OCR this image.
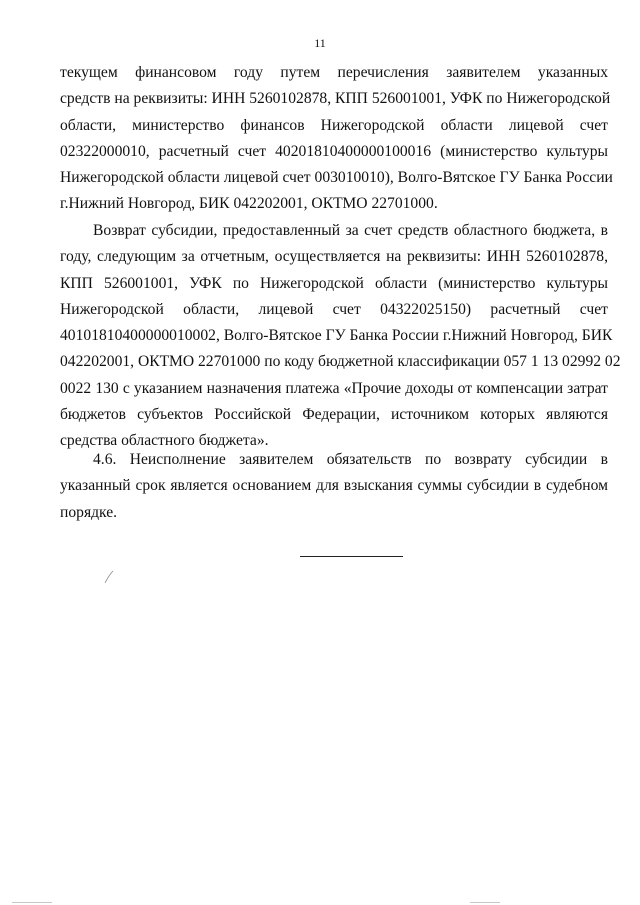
11

текущем финансовом году путем перечисления заявителем указанных
средств на реквизиты: ИНН 5260102878, КПП 526001001, УФК по Нижегородской
области, министерство финансов Нижегородской области лицевой счет
02322000010, расчетный счет 40201810400000100016 (министерство культуры
Нижегородской области лицевой счет 003010010), Волго-Вятское ГУ Банка России
г.Нижний Новгород, БИК 042202001, ОКТМО 22701000.

Возврат субсидии, предоставленный за счет средств областного бюджета, в
году, следующим за отчетным, осуществляется на реквизиты: ИНН 5260102878,
КПП 526001001, УФК по Нижегородской области (министерство культуры
Нижегородской области, лицевой счет 04322025150) расчетный счет
40101810400000010002, Волго-Вятское ГУ Банка России г.Нижний Новгород, БИК
042202001, ОКТМО 22701000 по коду бюджетной классификации 057 1 13 02992 02
0022 130 с указанием назначения платежа «Прочие доходы от компенсации затрат
бюджетов субъектов Российской Федерации, источником которых являются
средства областного бюджета».

4.6. Неисполнение заявителем обязательств по возврату субсидии в
указанный срок является основанием для взыскания суммы субсидии в судебном
порядке.
